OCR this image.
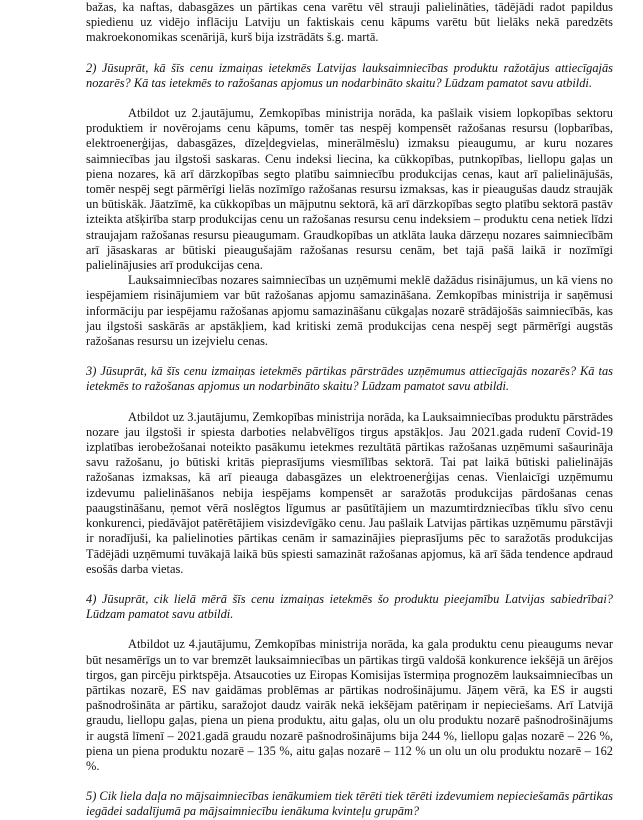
bažas, ka naftas, dabasgāzes un pārtikas cena varētu vēl strauji palielināties, tādējādi radot papildus spiedienu uz vidējo inflāciju Latviju un faktiskais cenu kāpums varētu būt lielāks nekā paredzēts makroekonomikas scenārijā, kurš bija izstrādāts š.g. martā.

2) Jūsuprāt, kā šīs cenu izmaiņas ietekmēs Latvijas lauksaimniecības produktu ražotājus attiecīgajās nozarēs? Kā tas ietekmēs to ražošanas apjomus un nodarbināto skaitu? Lūdzam pamatot savu atbildi.

Atbildot uz 2.jautājumu, Zemkopības ministrija norāda, ka pašlaik visiem lopkopības sektoru produktiem ir novērojams cenu kāpums, tomēr tas nespēj kompensēt ražošanas resursu (lopbarības, elektroenerģijas, dabasgāzes, dīzeļdegvielas, minerālmēslu) izmaksu pieaugumu, ar kuru nozares saimniecības jau ilgstoši saskaras. Cenu indeksi liecina, ka cūkkopības, putnkopības, liellopu gaļas un piena nozares, kā arī dārzkopības segto platību saimniecību produkcijas cenas, kaut arī palielinājušās, tomēr nespēj segt pārmērīgi lielās nozīmīgo ražošanas resursu izmaksas, kas ir pieaugušas daudz straujāk un būtiskāk. Jāatzīmē, ka cūkkopības un mājputnu sektorā, kā arī dārzkopības segto platību sektorā pastāv izteikta atšķirība starp produkcijas cenu un ražošanas resursu cenu indeksiem – produktu cena netiek līdzi straujajam ražošanas resursu pieaugumam. Graudkopības un atklāta lauka dārzeņu nozares saimniecībām arī jāsaskaras ar būtiski pieaugušajām ražošanas resursu cenām, bet tajā pašā laikā ir nozīmīgi palielinājusies arī produkcijas cena.

Lauksaimniecības nozares saimniecības un uzņēmumi meklē dažādus risinājumus, un kā viens no iespējamiem risinājumiem var būt ražošanas apjomu samazināšana. Zemkopības ministrija ir saņēmusi informāciju par iespējamu ražošanas apjomu samazināšanu cūkgaļas nozarē strādājošās saimniecībās, kas jau ilgstoši saskārās ar apstākļiem, kad kritiski zemā produkcijas cena nespēj segt pārmērīgi augstās ražošanas resursu un izejvielu cenas.

3) Jūsuprāt, kā šīs cenu izmaiņas ietekmēs pārtikas pārstrādes uzņēmumus attiecīgajās nozarēs? Kā tas ietekmēs to ražošanas apjomus un nodarbināto skaitu? Lūdzam pamatot savu atbildi.

Atbildot uz 3.jautājumu, Zemkopības ministrija norāda, ka Lauksaimniecības produktu pārstrādes nozare jau ilgstoši ir spiesta darboties nelabvēlīgos tirgus apstākļos. Jau 2021.gada rudenī Covid-19 izplatības ierobežošanai noteikto pasākumu ietekmes rezultātā pārtikas ražošanas uzņēmumi sašaurināja savu ražošanu, jo būtiski kritās pieprasījums viesmīlības sektorā. Tai pat laikā būtiski palielinājās ražošanas izmaksas, kā arī pieauga dabasgāzes un elektroenerģijas cenas. Vienlaicīgi uzņēmumu izdevumu palielināšanos nebija iespējams kompensēt ar saražotās produkcijas pārdošanas cenas paaugstināšanu, ņemot vērā noslēgtos līgumus ar pasūtītājiem un mazumtirdzniecības tīklu sīvo cenu konkurenci, piedāvājot patērētājiem visizdevīgāko cenu. Jau pašlaik Latvijas pārtikas uzņēmumu pārstāvji ir noradījuši, ka palielinoties pārtikas cenām ir samazinājies pieprasījums pēc to saražotās produkcijas Tādējādi uzņēmumi tuvākajā laikā būs spiesti samazināt ražošanas apjomus, kā arī šāda tendence apdraud esošās darba vietas.

4) Jūsuprāt, cik lielā mērā šīs cenu izmaiņas ietekmēs šo produktu pieejamību Latvijas sabiedrībai? Lūdzam pamatot savu atbildi.

Atbildot uz 4.jautājumu, Zemkopības ministrija norāda, ka gala produktu cenu pieaugums nevar būt nesamērīgs un to var bremzēt lauksaimniecības un pārtikas tirgū valdošā konkurence iekšējā un ārējos tirgos, gan pircēju pirktspēja. Atsaucoties uz Eiropas Komisijas īstermiņa prognozēm lauksaimniecības un pārtikas nozarē, ES nav gaidāmas problēmas ar pārtikas nodrošinājumu. Jāņem vērā, ka ES ir augsti pašnodrošināta ar pārtiku, saražojot daudz vairāk nekā iekšējam patēriņam ir nepieciešams. Arī Latvijā graudu, liellopu gaļas, piena un piena produktu, aitu gaļas, olu un olu produktu nozarē pašnodrošinājums ir augstā līmenī – 2021.gadā graudu nozarē pašnodrošinājums bija 244 %, liellopu gaļas nozarē – 226 %, piena un piena produktu nozarē – 135 %, aitu gaļas nozarē – 112 % un olu un olu produktu nozarē – 162 %.

5) Cik liela daļa no mājsaimniecības ienākumiem tiek tērēti tiek tērēti izdevumiem nepieciešamās pārtikas iegādei sadalījumā pa mājsaimniecību ienākuma kvinteļu grupām?
